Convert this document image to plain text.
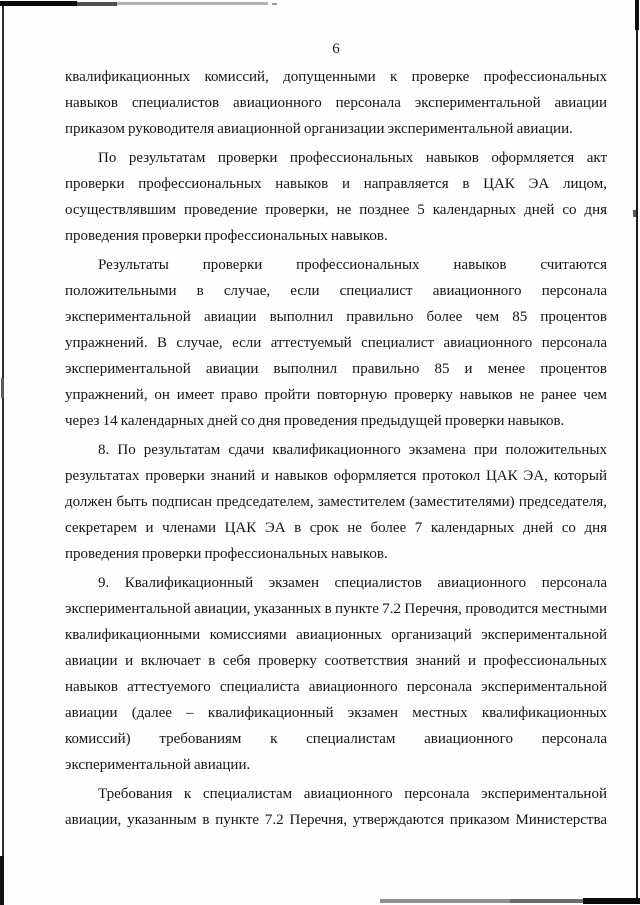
6
квалификационных комиссий, допущенными к проверке профессиональных
навыков специалистов авиационного персонала экспериментальной авиации
приказом руководителя авиационной организации экспериментальной авиации.
По результатам проверки профессиональных навыков оформляется акт
проверки профессиональных навыков и направляется в ЦАК ЭА лицом,
осуществлявшим проведение проверки, не позднее 5 календарных дней со дня
проведения проверки профессиональных навыков.
Результаты проверки профессиональных навыков считаются
положительными в случае, если специалист авиационного персонала
экспериментальной авиации выполнил правильно более чем 85 процентов
упражнений. В случае, если аттестуемый специалист авиационного персонала
экспериментальной авиации выполнил правильно 85 и менее процентов
упражнений, он имеет право пройти повторную проверку навыков не ранее чем
через 14 календарных дней со дня проведения предыдущей проверки навыков.
8. По результатам сдачи квалификационного экзамена при положительных
результатах проверки знаний и навыков оформляется протокол ЦАК ЭА, который
должен быть подписан председателем, заместителем (заместителями) председателя,
секретарем и членами ЦАК ЭА в срок не более 7 календарных дней со дня
проведения проверки профессиональных навыков.
9. Квалификационный экзамен специалистов авиационного персонала
экспериментальной авиации, указанных в пункте 7.2 Перечня, проводится местными
квалификационными комиссиями авиационных организаций экспериментальной
авиации и включает в себя проверку соответствия знаний и профессиональных
навыков аттестуемого специалиста авиационного персонала экспериментальной
авиации (далее – квалификационный экзамен местных квалификационных
комиссий) требованиям к специалистам авиационного персонала
экспериментальной авиации.
Требования к специалистам авиационного персонала экспериментальной
авиации, указанным в пункте 7.2 Перечня, утверждаются приказом Министерства
